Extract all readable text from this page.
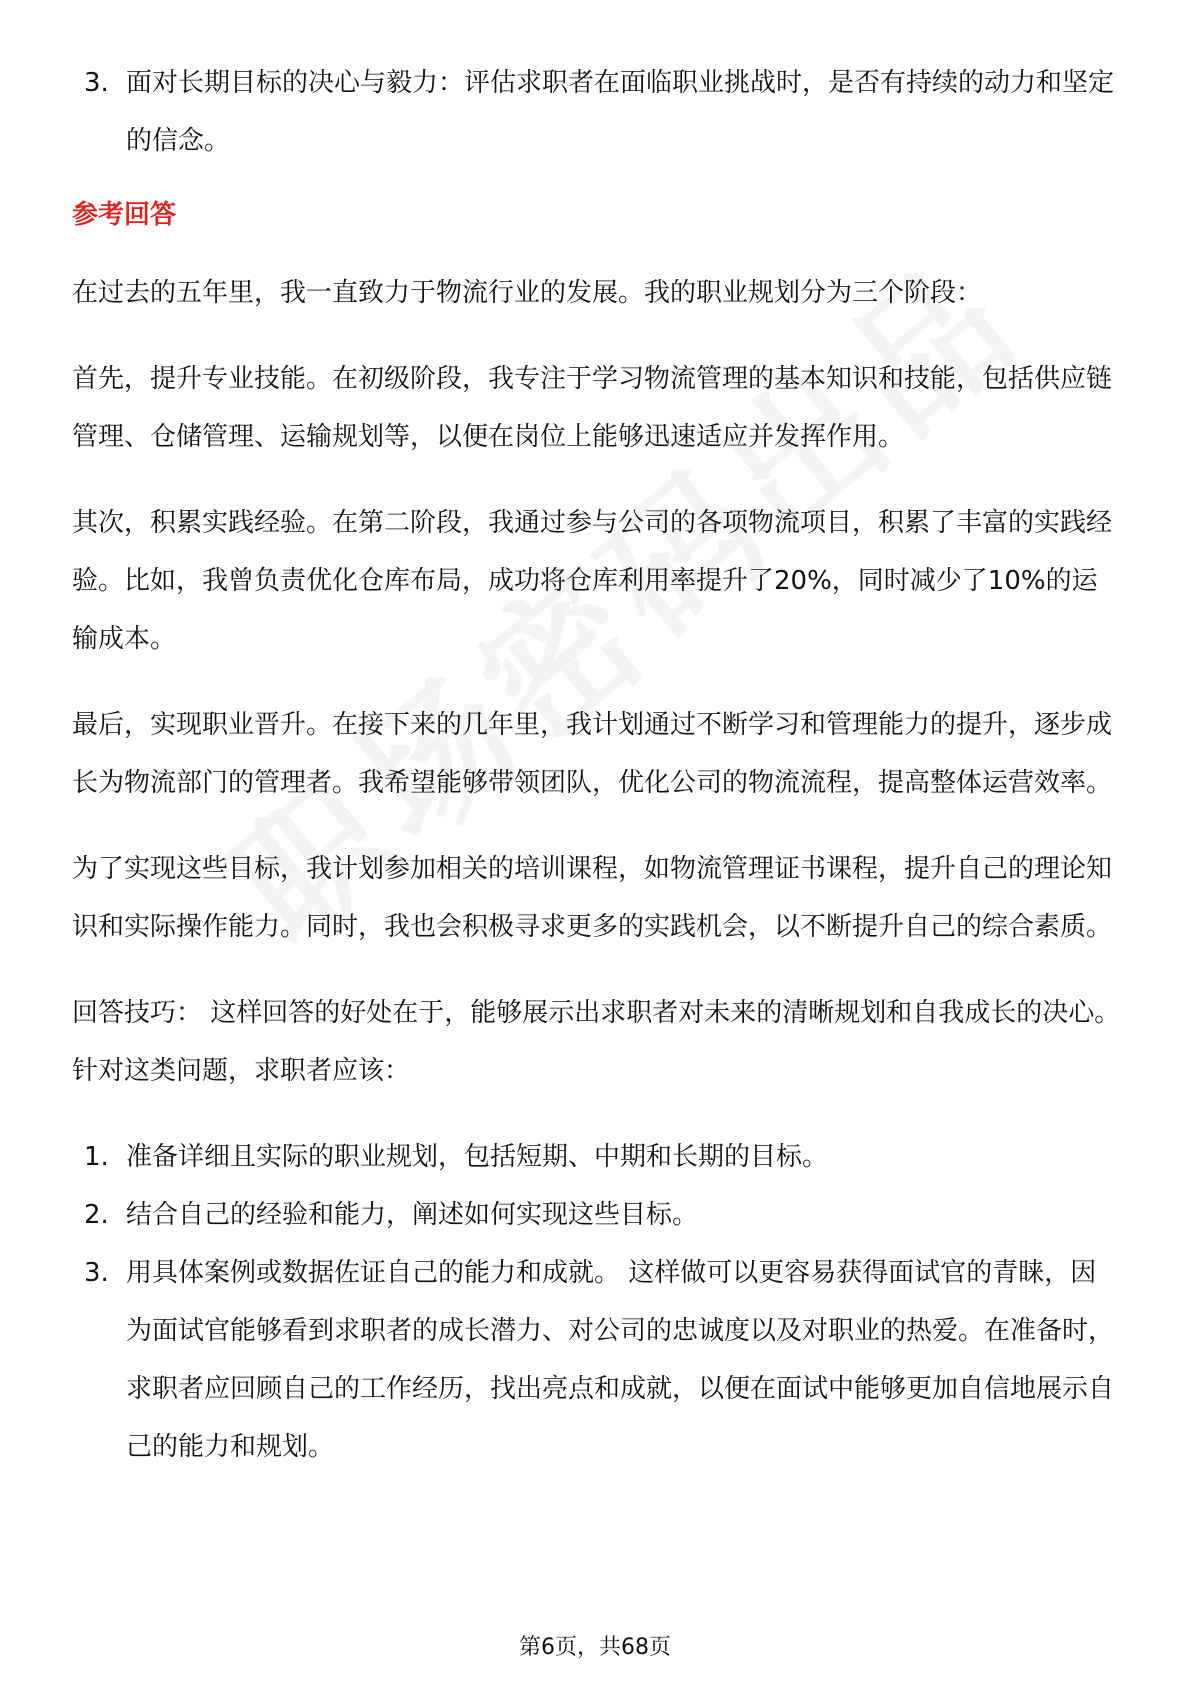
3. 面对长期目标的决心与毅力：评估求职者在面临职业挑战时，是否有持续的动力和坚定的信念。
参考回答

在过去的五年里，我一直致力于物流行业的发展。我的职业规划分为三个阶段：

首先，提升专业技能。在初级阶段，我专注于学习物流管理的基本知识和技能，包括供应链管理、仓储管理、运输规划等，以便在岗位上能够迅速适应并发挥作用。

其次，积累实践经验。在第二阶段，我通过参与公司的各项物流项目，积累了丰富的实践经验。比如，我曾负责优化仓库布局，成功将仓库利用率提升了20%，同时减少了10%的运输成本。

最后，实现职业晋升。在接下来的几年里，我计划通过不断学习和管理能力的提升，逐步成长为物流部门的管理者。我希望能够带领团队，优化公司的物流流程，提高整体运营效率。

为了实现这些目标，我计划参加相关的培训课程，如物流管理证书课程，提升自己的理论知识和实际操作能力。同时，我也会积极寻求更多的实践机会，以不断提升自己的综合素质。

回答技巧： 这样回答的好处在于，能够展示出求职者对未来的清晰规划和自我成长的决心。针对这类问题，求职者应该：

1. 准备详细且实际的职业规划，包括短期、中期和长期的目标。
2. 结合自己的经验和能力，阐述如何实现这些目标。
3. 用具体案例或数据佐证自己的能力和成就。 这样做可以更容易获得面试官的青睐，因为面试官能够看到求职者的成长潜力、对公司的忠诚度以及对职业的热爱。在准备时，求职者应回顾自己的工作经历，找出亮点和成就，以便在面试中能够更加自信地展示自己的能力和规划。
第6页，共68页
